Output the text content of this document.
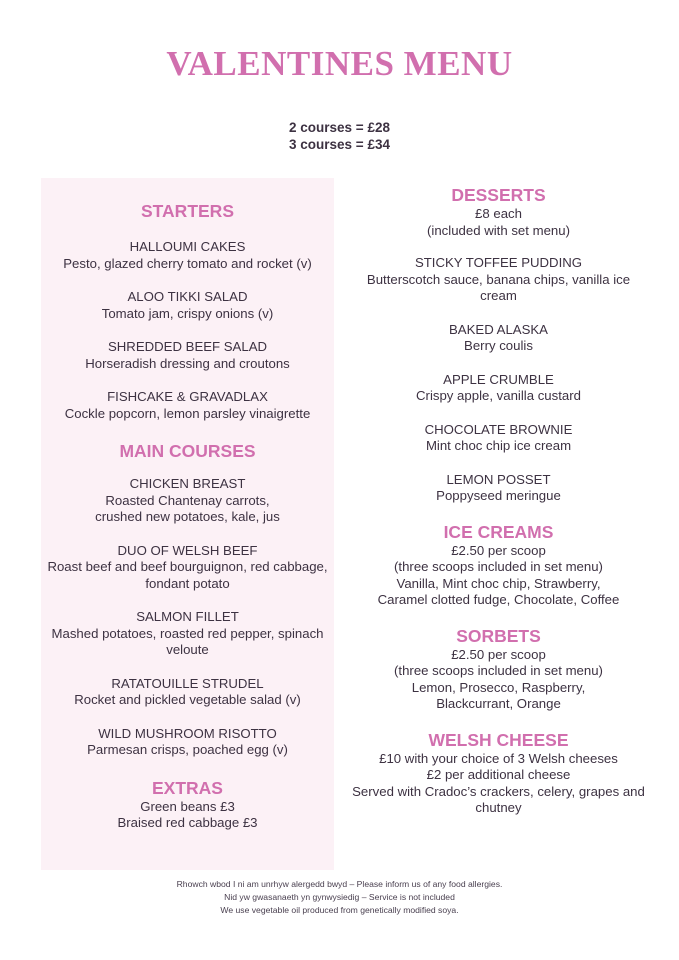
VALENTINES MENU
2 courses = £28
3 courses = £34
STARTERS
HALLOUMI CAKES
Pesto, glazed cherry tomato and rocket (v)
ALOO TIKKI SALAD
Tomato jam, crispy onions (v)
SHREDDED BEEF SALAD
Horseradish dressing and croutons
FISHCAKE & GRAVADLAX
Cockle popcorn, lemon parsley vinaigrette
MAIN COURSES
CHICKEN BREAST
Roasted Chantenay carrots,
crushed new potatoes, kale, jus
DUO OF WELSH BEEF
Roast beef and beef bourguignon, red cabbage,
fondant potato
SALMON FILLET
Mashed potatoes, roasted red pepper, spinach
veloute
RATATOUILLE STRUDEL
Rocket and pickled vegetable salad (v)
WILD MUSHROOM RISOTTO
Parmesan crisps, poached egg (v)
EXTRAS
Green beans £3
Braised red cabbage £3
DESSERTS
£8 each
(included with set menu)
STICKY TOFFEE PUDDING
Butterscotch sauce, banana chips, vanilla ice
cream
BAKED ALASKA
Berry coulis
APPLE CRUMBLE
Crispy apple, vanilla custard
CHOCOLATE BROWNIE
Mint choc chip ice cream
LEMON POSSET
Poppyseed meringue
ICE CREAMS
£2.50 per scoop
(three scoops included in set menu)
Vanilla, Mint choc chip, Strawberry,
Caramel clotted fudge, Chocolate, Coffee
SORBETS
£2.50 per scoop
(three scoops included in set menu)
Lemon, Prosecco, Raspberry,
Blackcurrant, Orange
WELSH CHEESE
£10 with your choice of 3 Welsh cheeses
£2 per additional cheese
Served with Cradoc’s crackers, celery, grapes and
chutney
Rhowch wbod I ni am unrhyw alergedd bwyd – Please inform us of any food allergies.
Nid yw gwasanaeth yn gynwysiedig – Service is not included
We use vegetable oil produced from genetically modified soya.
